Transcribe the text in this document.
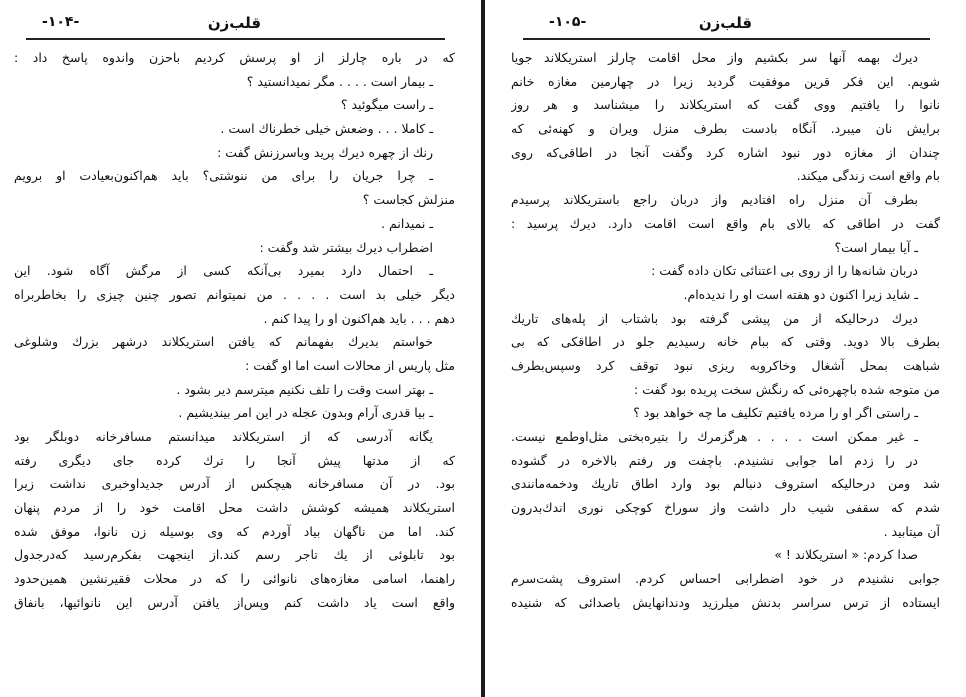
قلب‌زن
-۱۰۴-
که در باره چارلز از او پرسش کردیم باحزن واندوه پاسخ داد :
ـ بیمار است . . . . مگر نمیدانستید ؟
ـ راست میگوئید ؟
ـ کاملا . . . وضعش خیلی خطرناك است .
رنك از چهره دیرك پرید وباسرزنش گفت :
ـ چرا جریان را برای من ننوشتی؟ باید هم‌اکنون‌بعیادت او برویم
منزلش کجاست ؟
ـ نمیدانم .
اضطراب دیرك بیشتر شد وگفت :
ـ احتمال دارد بمیرد بی‌آنکه کسی از مرگش آگاه شود. این
دیگر خیلی بد است . . . . من نمیتوانم تصور چنین چیزی را بخاطربراه
دهم . . . باید هم‌اکنون او را پیدا کنم .
خواستم بدیرك بفهمانم که یافتن استریکلاند درشهر بزرك وشلوغی
مثل پاریس از محالات است اما او گفت :
ـ بهتر است وقت را تلف نکنیم میترسم دیر بشود .
ـ بیا قدری آرام وبدون عجله در این امر بیندیشیم .
یگانه آدرسی که از استریکلاند میدانستم مسافرخانه دوبلگر بود
که از مدتها پیش آنجا را ترك کرده جای دیگری رفته
بود. در آن مسافرخانه هیچکس از آدرس جدیداوخبری نداشت زیرا
استریکلاند همیشه کوشش داشت محل اقامت خود را از مردم پنهان
کند. اما من ناگهان بیاد آوردم که وی بوسیله زن نانوا، موفق شده
بود تابلوئی از یك تاجر رسم کند.از اینجهت بفکرم‌رسید که‌درجدول
راهنما، اسامی مغازه‌های نانوائی را که در محلات فقیرنشین همین‌حدود
واقع است یاد داشت کنم وپس‌از یافتن آدرس این نانوائیها، بانفاق
قلب‌زن
-۱۰۵-
دیرك بهمه آنها سر بکشیم واز محل اقامت چارلز استریکلاند جویا
شویم. این فکر قرین موفقیت گردید زیرا در چهارمین مغازه خانم
نانوا را یافتیم ووی گفت که استریکلاند را میشناسد و هر روز
برایش نان میبرد. آنگاه بادست بطرف منزل ویران و کهنه‌ئی که
چندان از مغازه دور نبود اشاره کرد وگفت آنجا در اطاقی‌که روی
بام واقع است زندگی میکند.
بطرف آن منزل راه افتادیم واز دربان راجع باستریکلاند پرسیدم
گفت در اطاقی که بالای بام واقع است اقامت دارد. دیرك پرسید :
ـ آیا بیمار است؟
دربان شانه‌ها را از روی بی اعتنائی تکان داده گفت :
ـ شاید زیرا اکنون دو هفته است او را ندیده‌ام.
دیرك درحالیکه از من پیشی گرفته بود باشتاب از پله‌های تاریك
بطرف بالا دوید. وقتی که ببام خانه رسیدیم جلو در اطاقکی که بی
شباهت بمحل آشغال وخاکروبه ریزی نبود توقف کرد وسپس‌بطرف
من متوجه شده باچهره‌ئی که رنگش سخت پریده بود گفت :
ـ راستی اگر او را مرده یافتیم تکلیف ما چه خواهد بود ؟
ـ غیر ممکن است . . . . هرگز‌مرك را بتیره‌بختی مثل‌اوطمع نیست.
در را زدم اما جوابی نشنیدم. باچفت ور رفتم بالاخره در گشوده
شد ومن درحالیکه استروف دنبالم بود وارد اطاق تاریك ودخمه‌مانندی
شدم که سقفی شیب دار داشت واز سوراخ کوچکی نوری اندك‌بدرون
آن میتابید .
صدا کردم: « استریکلاند ! »
جوابی نشنیدم در خود اضطرابی احساس کردم. استروف پشت‌سرم
ایستاده از ترس سراسر بدنش میلرزید ودندانهایش باصدائی که شنیده
